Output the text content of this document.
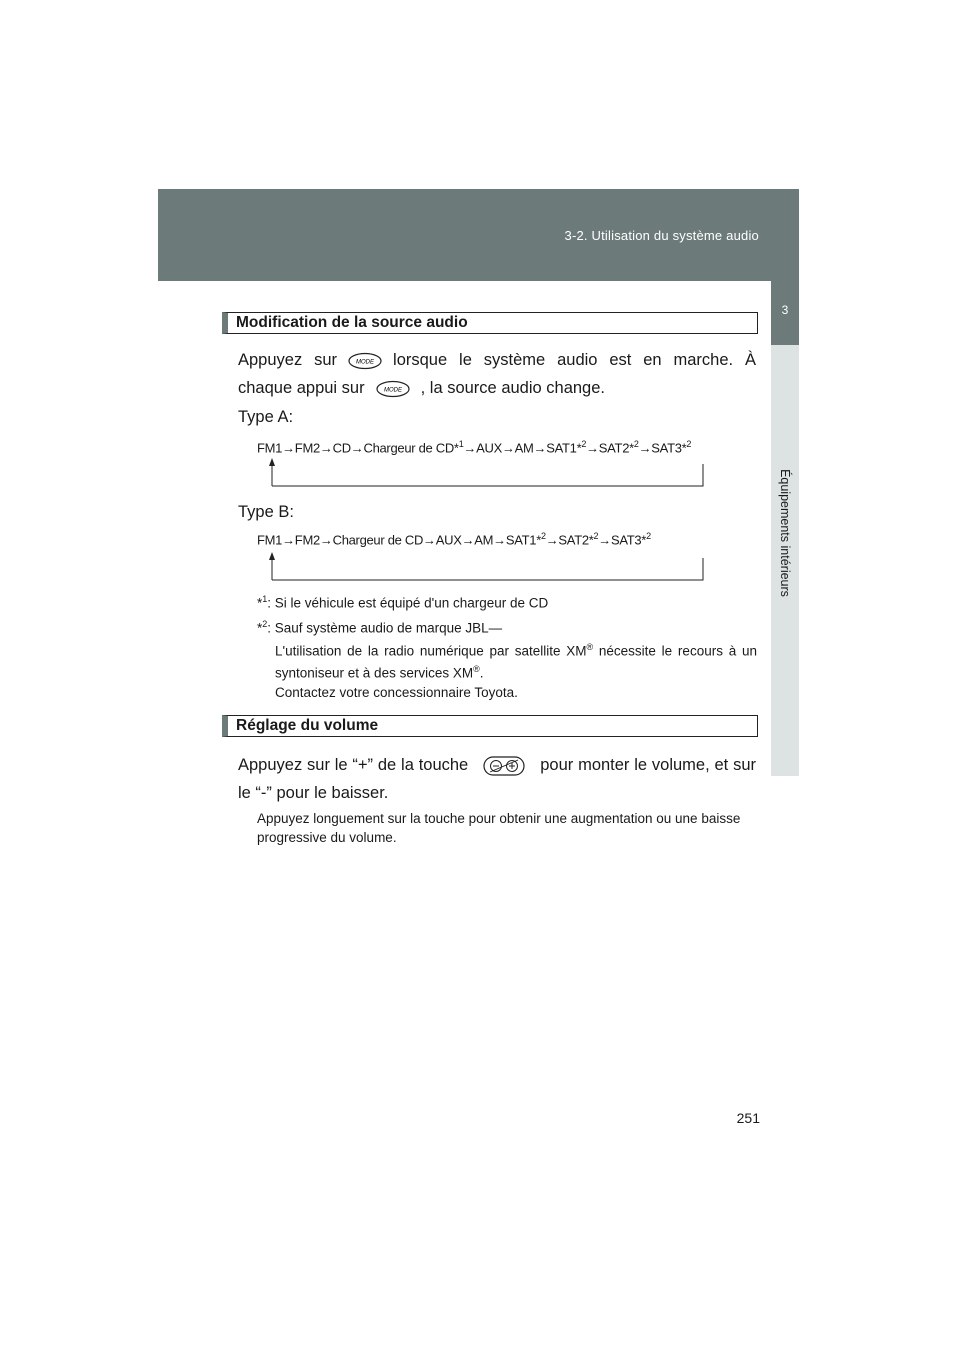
3-2. Utilisation du système audio
3
Équipements intérieurs
Modification de la source audio
Appuyez sur	MODE lorsque le système audio est en marche. À chaque appui sur	MODE , la source audio change.
Type A:
FM1→FM2→CD→Chargeur de CD*$^1$→AUX→AM→SAT1*$^2$→SAT2*$^2$→SAT3*$^2$
Type B:
FM1→FM2→Chargeur de CD→AUX→AM→SAT1*$^2$→SAT2*$^2$→SAT3*$^2$
*$^1$: Si le véhicule est équipé d'un chargeur de CD
*$^2$: Sauf système audio de marque JBL—
L'utilisation de la radio numérique par satellite XM® nécessite le recours à un syntoniseur et à des services XM®.
Contactez votre concessionnaire Toyota.
Réglage du volume
Appuyez sur le “+” de la touche	pour monter le volume, et sur le “-” pour le baisser.
Appuyez longuement sur la touche pour obtenir une augmentation ou une baisse progressive du volume.
251
